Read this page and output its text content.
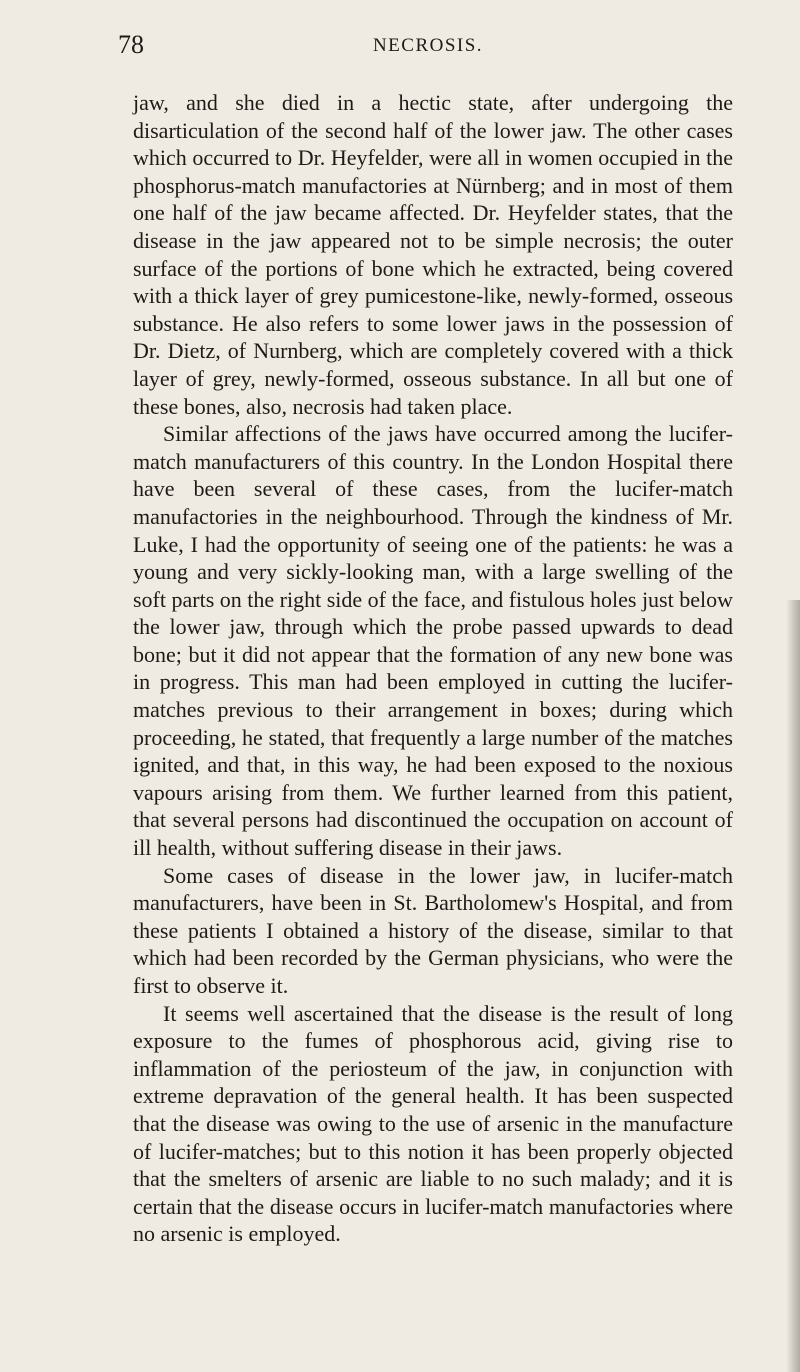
78	NECROSIS.

jaw, and she died in a hectic state, after undergoing the disarticulation of the second half of the lower jaw. The other cases which occurred to Dr. Heyfelder, were all in women occupied in the phosphorus-match manufactories at Nürnberg; and in most of them one half of the jaw became affected. Dr. Heyfelder states, that the disease in the jaw appeared not to be simple necrosis; the outer surface of the portions of bone which he extracted, being covered with a thick layer of grey pumicestone-like, newly-formed, osseous substance. He also refers to some lower jaws in the possession of Dr. Dietz, of Nurnberg, which are completely covered with a thick layer of grey, newly-formed, osseous substance. In all but one of these bones, also, necrosis had taken place.

Similar affections of the jaws have occurred among the lucifer-match manufacturers of this country. In the London Hospital there have been several of these cases, from the lucifer-match manufactories in the neighbourhood. Through the kindness of Mr. Luke, I had the opportunity of seeing one of the patients: he was a young and very sickly-looking man, with a large swelling of the soft parts on the right side of the face, and fistulous holes just below the lower jaw, through which the probe passed upwards to dead bone; but it did not appear that the formation of any new bone was in progress. This man had been employed in cutting the lucifer-matches previous to their arrangement in boxes; during which proceeding, he stated, that frequently a large number of the matches ignited, and that, in this way, he had been exposed to the noxious vapours arising from them. We further learned from this patient, that several persons had discontinued the occupation on account of ill health, without suffering disease in their jaws.

Some cases of disease in the lower jaw, in lucifer-match manufacturers, have been in St. Bartholomew's Hospital, and from these patients I obtained a history of the disease, similar to that which had been recorded by the German physicians, who were the first to observe it.

It seems well ascertained that the disease is the result of long exposure to the fumes of phosphorous acid, giving rise to inflammation of the periosteum of the jaw, in conjunction with extreme depravation of the general health. It has been suspected that the disease was owing to the use of arsenic in the manufacture of lucifer-matches; but to this notion it has been properly objected that the smelters of arsenic are liable to no such malady; and it is certain that the disease occurs in lucifer-match manufactories where no arsenic is employed.
